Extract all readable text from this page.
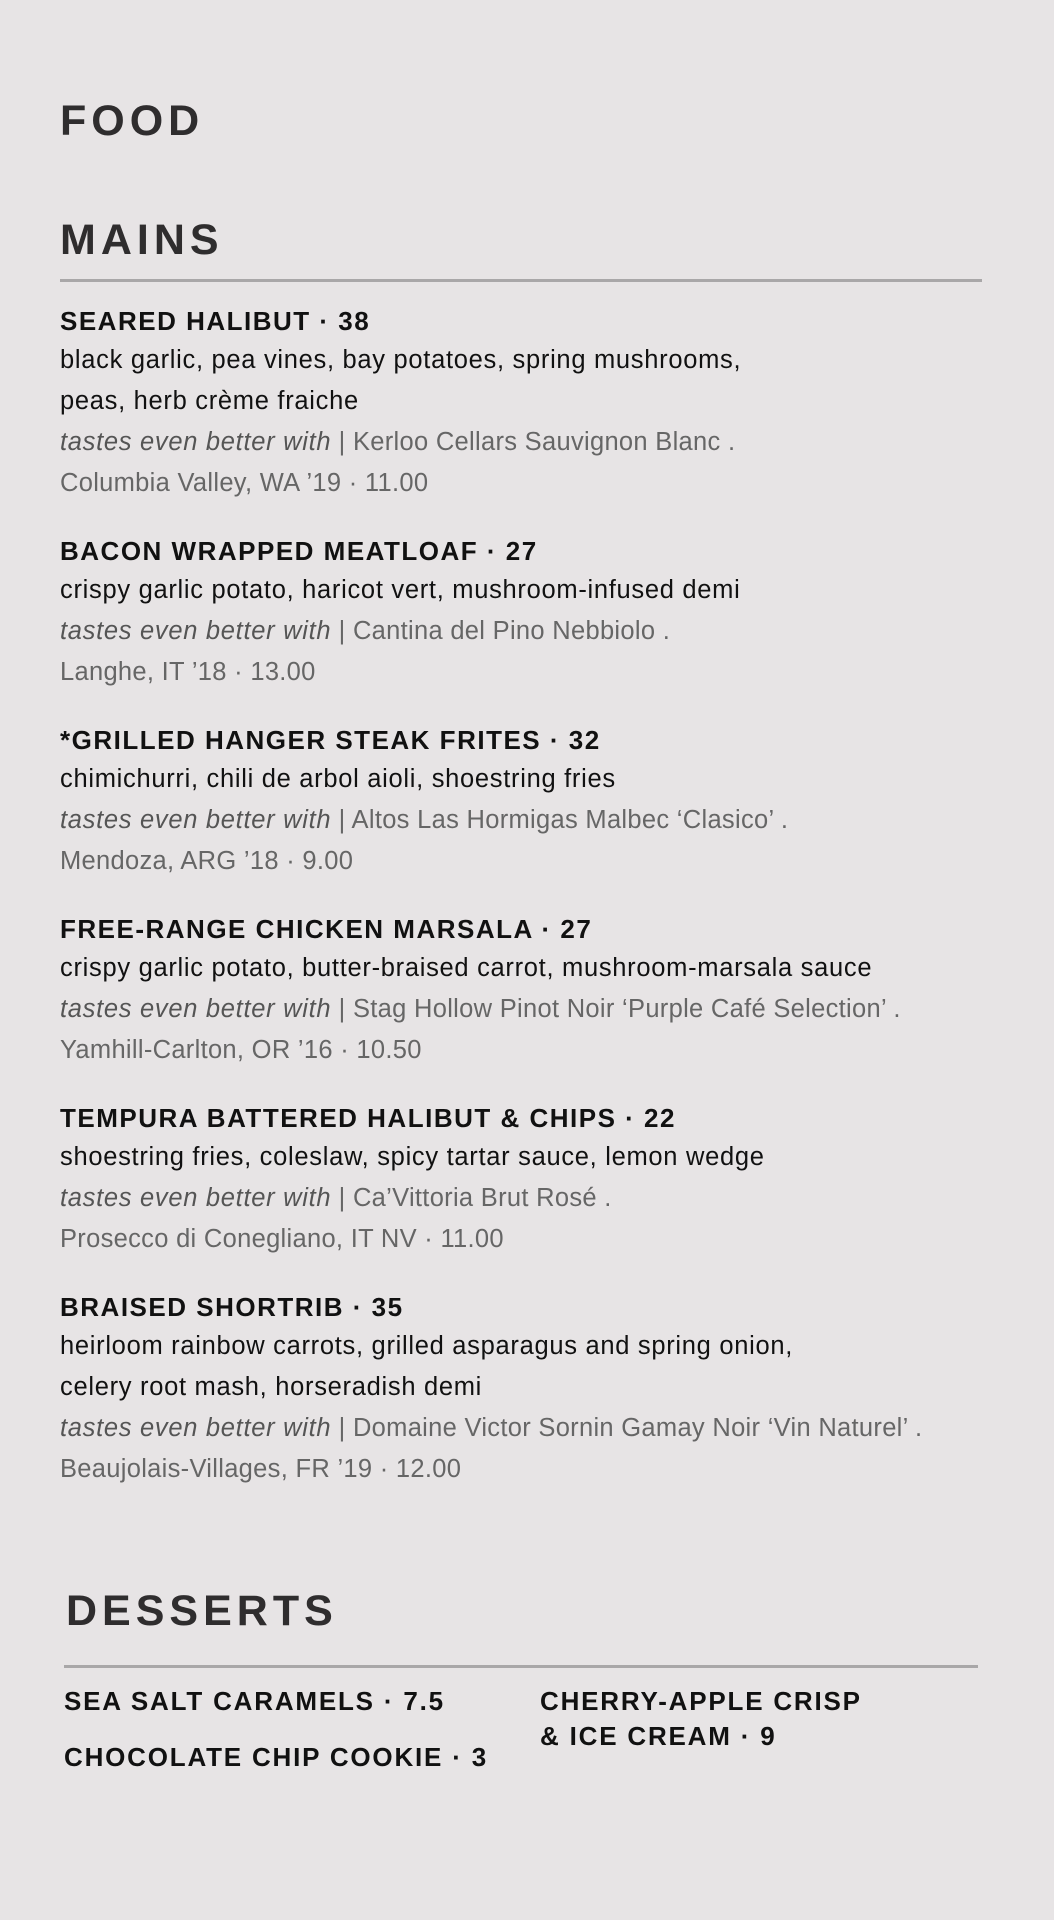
FOOD
MAINS
SEARED HALIBUT · 38
black garlic, pea vines, bay potatoes, spring mushrooms,
peas, herb crème fraiche
tastes even better with | Kerloo Cellars Sauvignon Blanc .
Columbia Valley, WA ’19 · 11.00
BACON WRAPPED MEATLOAF · 27
crispy garlic potato, haricot vert, mushroom-infused demi
tastes even better with | Cantina del Pino Nebbiolo .
Langhe, IT ’18 · 13.00
*GRILLED HANGER STEAK FRITES · 32
chimichurri, chili de arbol aioli, shoestring fries
tastes even better with | Altos Las Hormigas Malbec ‘Clasico’ .
Mendoza, ARG ’18 · 9.00
FREE-RANGE CHICKEN MARSALA · 27
crispy garlic potato, butter-braised carrot, mushroom-marsala sauce
tastes even better with | Stag Hollow Pinot Noir ‘Purple Café Selection’ .
Yamhill-Carlton, OR ’16 · 10.50
TEMPURA BATTERED HALIBUT & CHIPS · 22
shoestring fries, coleslaw, spicy tartar sauce, lemon wedge
tastes even better with | Ca’Vittoria Brut Rosé .
Prosecco di Conegliano, IT NV · 11.00
BRAISED SHORTRIB · 35
heirloom rainbow carrots, grilled asparagus and spring onion,
celery root mash, horseradish demi
tastes even better with | Domaine Victor Sornin Gamay Noir ‘Vin Naturel’ .
Beaujolais-Villages, FR ’19 · 12.00
DESSERTS
SEA SALT CARAMELS · 7.5
CHOCOLATE CHIP COOKIE · 3
CHERRY-APPLE CRISP
& ICE CREAM · 9
